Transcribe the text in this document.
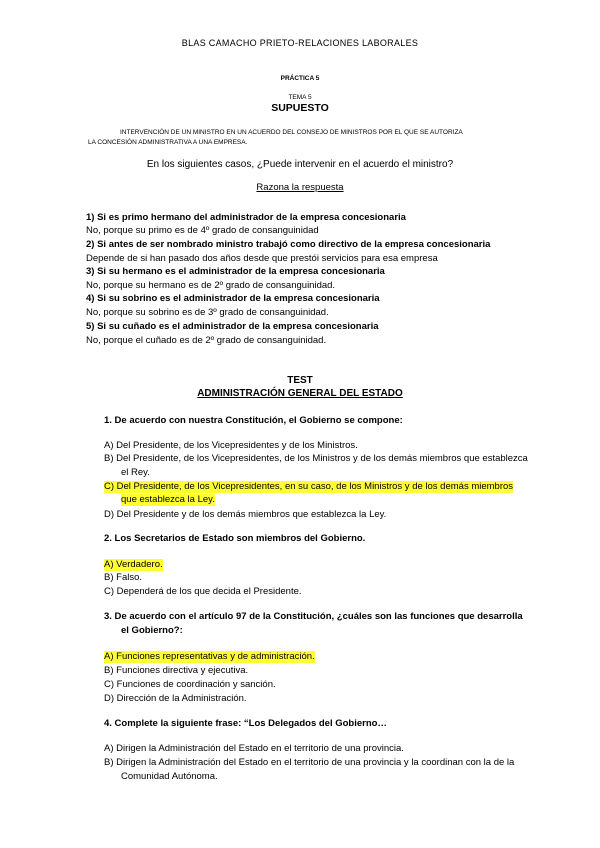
BLAS CAMACHO PRIETO-RELACIONES LABORALES
PRÁCTICA 5
TEMA 5
SUPUESTO
INTERVENCIÓN DE UN MINISTRO EN UN ACUERDO DEL CONSEJO DE MINISTROS POR EL QUE SE AUTORIZA
LA CONCESIÓN ADMINISTRATIVA A UNA EMPRESA.
En los siguientes casos, ¿Puede intervenir en el acuerdo el ministro?
Razona la respuesta
1) Si es primo hermano del administrador de la empresa concesionaria
No, porque su primo es de 4º grado de consanguinidad
2) Si antes de ser nombrado ministro trabajó como directivo de la empresa concesionaria
Depende de si han pasado dos años desde que prestói servicios para esa empresa
3) Si su hermano es el administrador de la empresa concesionaria
No, porque su hermano es de 2º grado de consanguinidad.
4) Si su sobrino es el administrador de la empresa concesionaria
No, porque su sobrino es de 3º grado de consanguinidad.
5) Si su cuñado es el administrador de la empresa concesionaria
No, porque el cuñado es de 2º grado de consanguinidad.
TEST
ADMINISTRACIÓN GENERAL DEL ESTADO
1. De acuerdo con nuestra Constitución, el Gobierno se compone:
A) Del Presidente, de los Vicepresidentes y de los Ministros.
B) Del Presidente, de los Vicepresidentes, de los Ministros y de los demás miembros que establezca
el Rey.
C) Del Presidente, de los Vicepresidentes, en su caso, de los Ministros y de los demás miembros
que establezca la Ley.
D) Del Presidente y de los demás miembros que establezca la Ley.
2. Los Secretarios de Estado son miembros del Gobierno.
A) Verdadero.
B) Falso.
C) Dependerá de los que decida el Presidente.
3. De acuerdo con el artículo 97 de la Constitución, ¿cuáles son las funciones que desarrolla
el Gobierno?:
A) Funciones representativas y de administración.
B) Funciones directiva y ejecutiva.
C) Funciones de coordinación y sanción.
D) Dirección de la Administración.
4. Complete la siguiente frase: “Los Delegados del Gobierno…
A) Dirigen la Administración del Estado en el territorio de una provincia.
B) Dirigen la Administración del Estado en el territorio de una provincia y la coordinan con la de la
Comunidad Autónoma.
